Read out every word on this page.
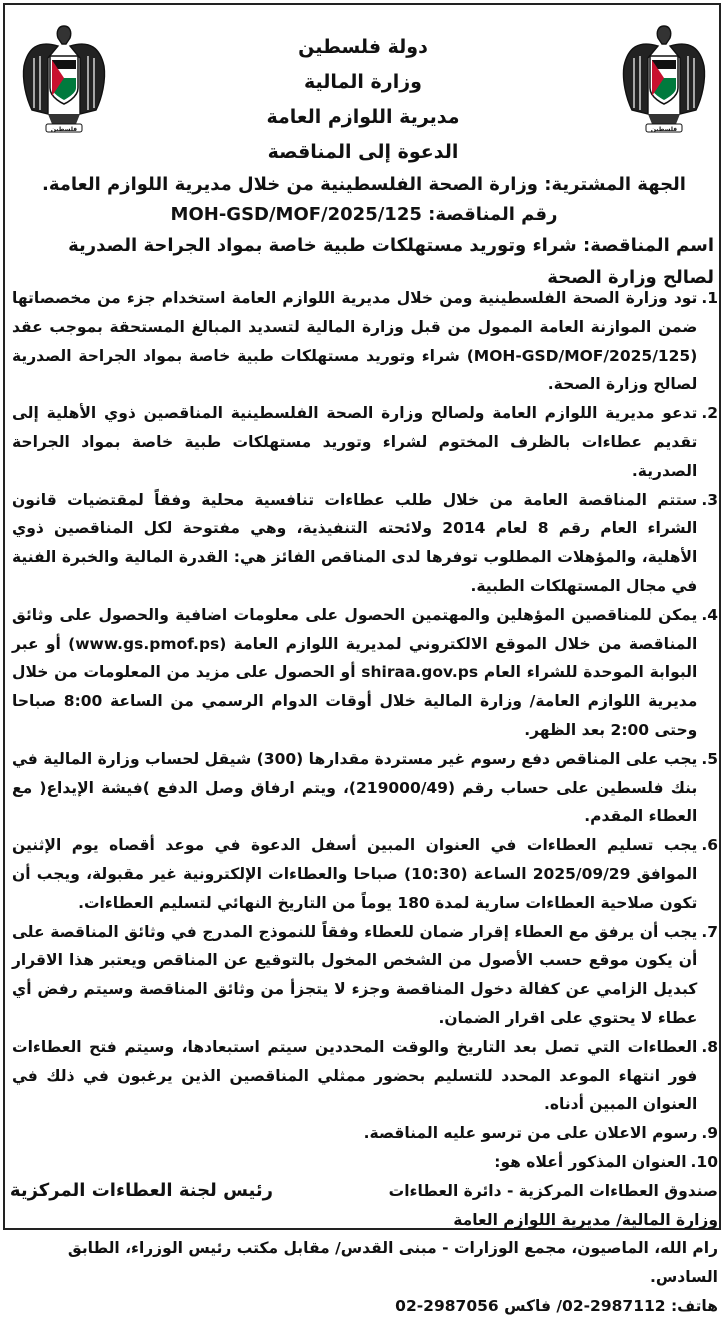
فلسطين
فلسطين
دولة فلسطين
وزارة المالية
مديرية اللوازم العامة
الدعوة إلى المناقصة
الجهة المشترية: وزارة الصحة الفلسطينية من خلال مديرية اللوازم العامة.
رقم المناقصة: MOH-GSD/MOF/2025/125
اسم المناقصة: شراء وتوريد مستهلكات طبية خاصة بمواد الجراحة الصدرية لصالح وزارة الصحة
1.
تود وزارة الصحة الفلسطينية ومن خلال مديرية اللوازم العامة استخدام جزء من مخصصاتها ضمن الموازنة العامة الممول من قبل وزارة المالية لتسديد المبالغ المستحقة بموجب عقد (MOH-GSD/MOF/2025/125) شراء وتوريد مستهلكات طبية خاصة بمواد الجراحة الصدرية لصالح وزارة الصحة.
2.
تدعو مديرية اللوازم العامة ولصالح وزارة الصحة الفلسطينية المناقصين ذوي الأهلية إلى تقديم عطاءات بالظرف المختوم لشراء وتوريد مستهلكات طبية خاصة بمواد الجراحة الصدرية.
3.
ستتم المناقصة العامة من خلال طلب عطاءات تنافسية محلية وفقاً لمقتضيات قانون الشراء العام رقم 8 لعام 2014 ولائحته التنفيذية، وهي مفتوحة لكل المناقصين ذوي الأهلية، والمؤهلات المطلوب توفرها لدى المناقص الفائز هي: القدرة المالية والخبرة الفنية في مجال المستهلكات الطبية.
4.
يمكن للمناقصين المؤهلين والمهتمين الحصول على معلومات اضافية والحصول على وثائق المناقصة من خلال الموقع الالكتروني لمديرية اللوازم العامة (www.gs.pmof.ps) أو عبر البوابة الموحدة للشراء العام shiraa.gov.ps أو الحصول على مزيد من المعلومات من خلال مديرية اللوازم العامة/ وزارة المالية خلال أوقات الدوام الرسمي من الساعة 8:00 صباحا وحتى 2:00 بعد الظهر.
5.
يجب على المناقص دفع رسوم غير مستردة مقدارها (300) شيقل لحساب وزارة المالية في بنك فلسطين على حساب رقم (219000/49)، ويتم ارفاق وصل الدفع )فيشة الإيداع( مع العطاء المقدم.
6.
يجب تسليم العطاءات في العنوان المبين أسفل الدعوة في موعد أقصاه يوم الإثنين الموافق 2025/09/29 الساعة (10:30) صباحا والعطاءات الإلكترونية غير مقبولة، ويجب أن تكون صلاحية العطاءات سارية لمدة 180 يوماً من التاريخ النهائي لتسليم العطاءات.
7.
يجب أن يرفق مع العطاء إقرار ضمان للعطاء وفقاً للنموذج المدرج في وثائق المناقصة على أن يكون موقع حسب الأصول من الشخص المخول بالتوقيع عن المناقص ويعتبر هذا الاقرار كبديل الزامي عن كفالة دخول المناقصة وجزء لا يتجزأ من وثائق المناقصة وسيتم رفض أي عطاء لا يحتوي على اقرار الضمان.
8.
العطاءات التي تصل بعد التاريخ والوقت المحددين سيتم استبعادها، وسيتم فتح العطاءات فور انتهاء الموعد المحدد للتسليم بحضور ممثلي المناقصين الذين يرغبون في ذلك في العنوان المبين أدناه.
9.
رسوم الاعلان على من ترسو عليه المناقصة.
10.
العنوان المذكور أعلاه هو:
صندوق العطاءات المركزية - دائرة العطاءات
وزارة المالية/ مديرية اللوازم العامة
رام الله، الماصيون، مجمع الوزارات - مبنى القدس/ مقابل مكتب رئيس الوزراء، الطابق السادس.
هاتف: 02-2987112/ فاكس 02-2987056
رئيس لجنة العطاءات المركزية
